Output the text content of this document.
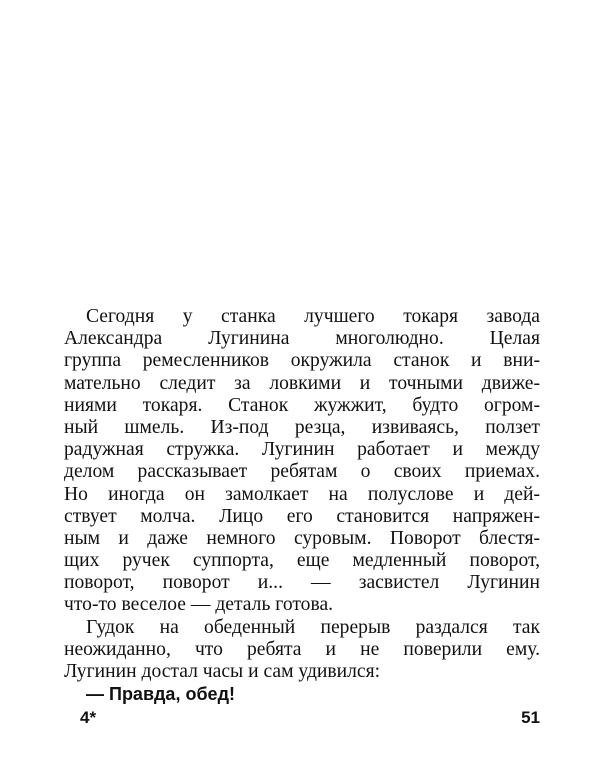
Сегодня у станка лучшего токаря завода
Александра Лугинина многолюдно. Целая
группа ремесленников окружила станок и вни-
мательно следит за ловкими и точными движе-
ниями токаря. Станок жужжит, будто огром-
ный шмель. Из-под резца, извиваясь, ползет
радужная стружка. Лугинин работает и между
делом рассказывает ребятам о своих приемах.
Но иногда он замолкает на полуслове и дей-
ствует молча. Лицо его становится напряжен-
ным и даже немного суровым. Поворот блестя-
щих ручек суппорта, еще медленный поворот,
поворот, поворот и... — засвистел Лугинин
что-то веселое — деталь готова.
Гудок на обеденный перерыв раздался так
неожиданно, что ребята и не поверили ему.
Лугинин достал часы и сам удивился:
— Правда, обед!
4*	51
